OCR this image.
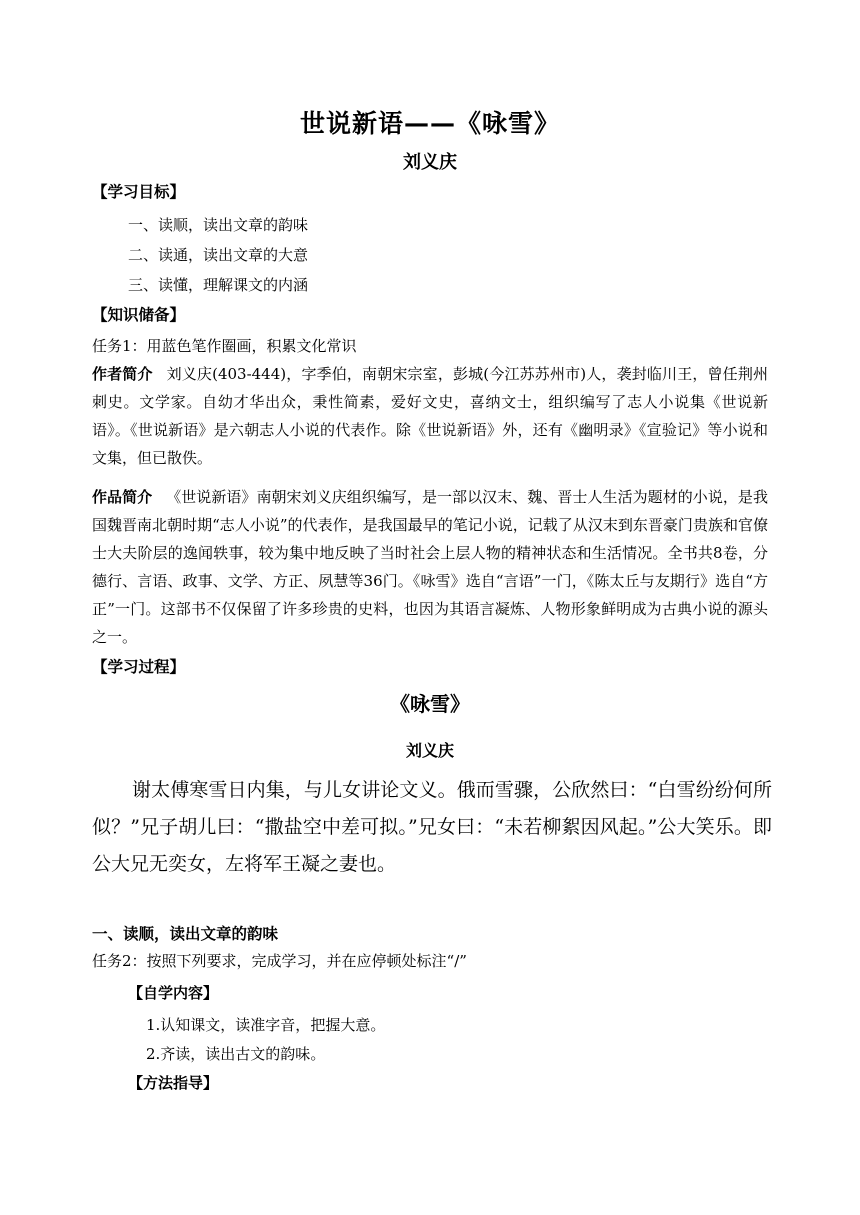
世说新语——《咏雪》
刘义庆
【学习目标】
一、读顺，读出文章的韵味
二、读通，读出文章的大意
三、读懂，理解课文的内涵
【知识储备】
任务1：用蓝色笔作圈画，积累文化常识
作者简介 刘义庆(403-444)，字季伯，南朝宋宗室，彭城(今江苏苏州市)人，袭封临川王，曾任荆州刺史。文学家。自幼才华出众，秉性简素，爱好文史，喜纳文士，组织编写了志人小说集《世说新语》。《世说新语》是六朝志人小说的代表作。除《世说新语》外，还有《幽明录》《宣验记》等小说和文集，但已散佚。
作品简介 《世说新语》南朝宋刘义庆组织编写，是一部以汉末、魏、晋士人生活为题材的小说，是我国魏晋南北朝时期“志人小说”的代表作，是我国最早的笔记小说，记载了从汉末到东晋豪门贵族和官僚士大夫阶层的逸闻轶事，较为集中地反映了当时社会上层人物的精神状态和生活情况。全书共8卷，分德行、言语、政事、文学、方正、夙慧等36门。《咏雪》选自“言语”一门，《陈太丘与友期行》选自“方正”一门。这部书不仅保留了许多珍贵的史料，也因为其语言凝炼、人物形象鲜明成为古典小说的源头之一。
【学习过程】
《咏雪》
刘义庆
谢太傅寒雪日内集，与儿女讲论文义。俄而雪骤，公欣然曰：“白雪纷纷何所似？”兄子胡儿曰：“撒盐空中差可拟。”兄女曰：“未若柳絮因风起。”公大笑乐。即公大兄无奕女，左将军王凝之妻也。
一、读顺，读出文章的韵味
任务2：按照下列要求，完成学习，并在应停顿处标注“/”
【自学内容】
1.认知课文，读准字音，把握大意。
2.齐读，读出古文的韵味。
【方法指导】
